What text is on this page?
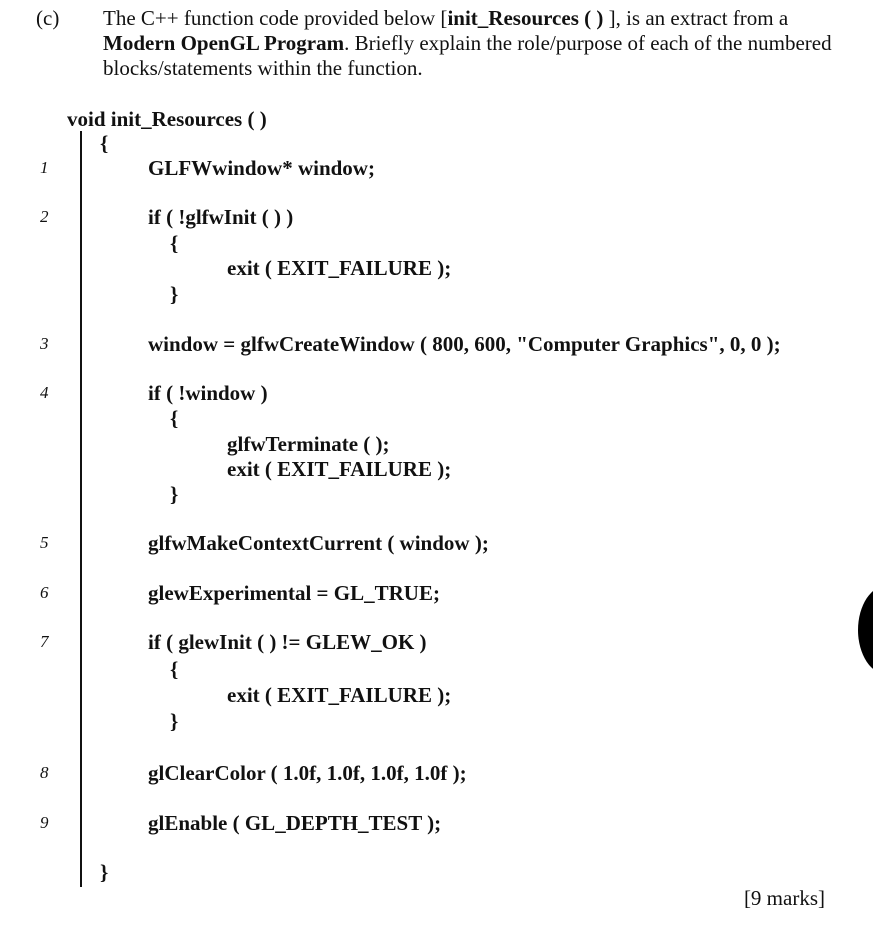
(c) The C++ function code provided below [init_Resources ( ) ], is an extract from a Modern OpenGL Program. Briefly explain the role/purpose of each of the numbered blocks/statements within the function.
void init_Resources ( )
{
1
2
3
4
5
6
7
8
9
GLFWwindow* window;
if ( !glfwInit ( ) )
{
exit ( EXIT_FAILURE );
}
window = glfwCreateWindow ( 800, 600, "Computer Graphics", 0, 0 );
if ( !window )
{
glfwTerminate ( );
exit ( EXIT_FAILURE );
}
glfwMakeContextCurrent ( window );
glewExperimental = GL_TRUE;
if ( glewInit ( ) != GLEW_OK )
{
exit ( EXIT_FAILURE );
}
glClearColor ( 1.0f, 1.0f, 1.0f, 1.0f );
glEnable ( GL_DEPTH_TEST );
}
[9 marks]
